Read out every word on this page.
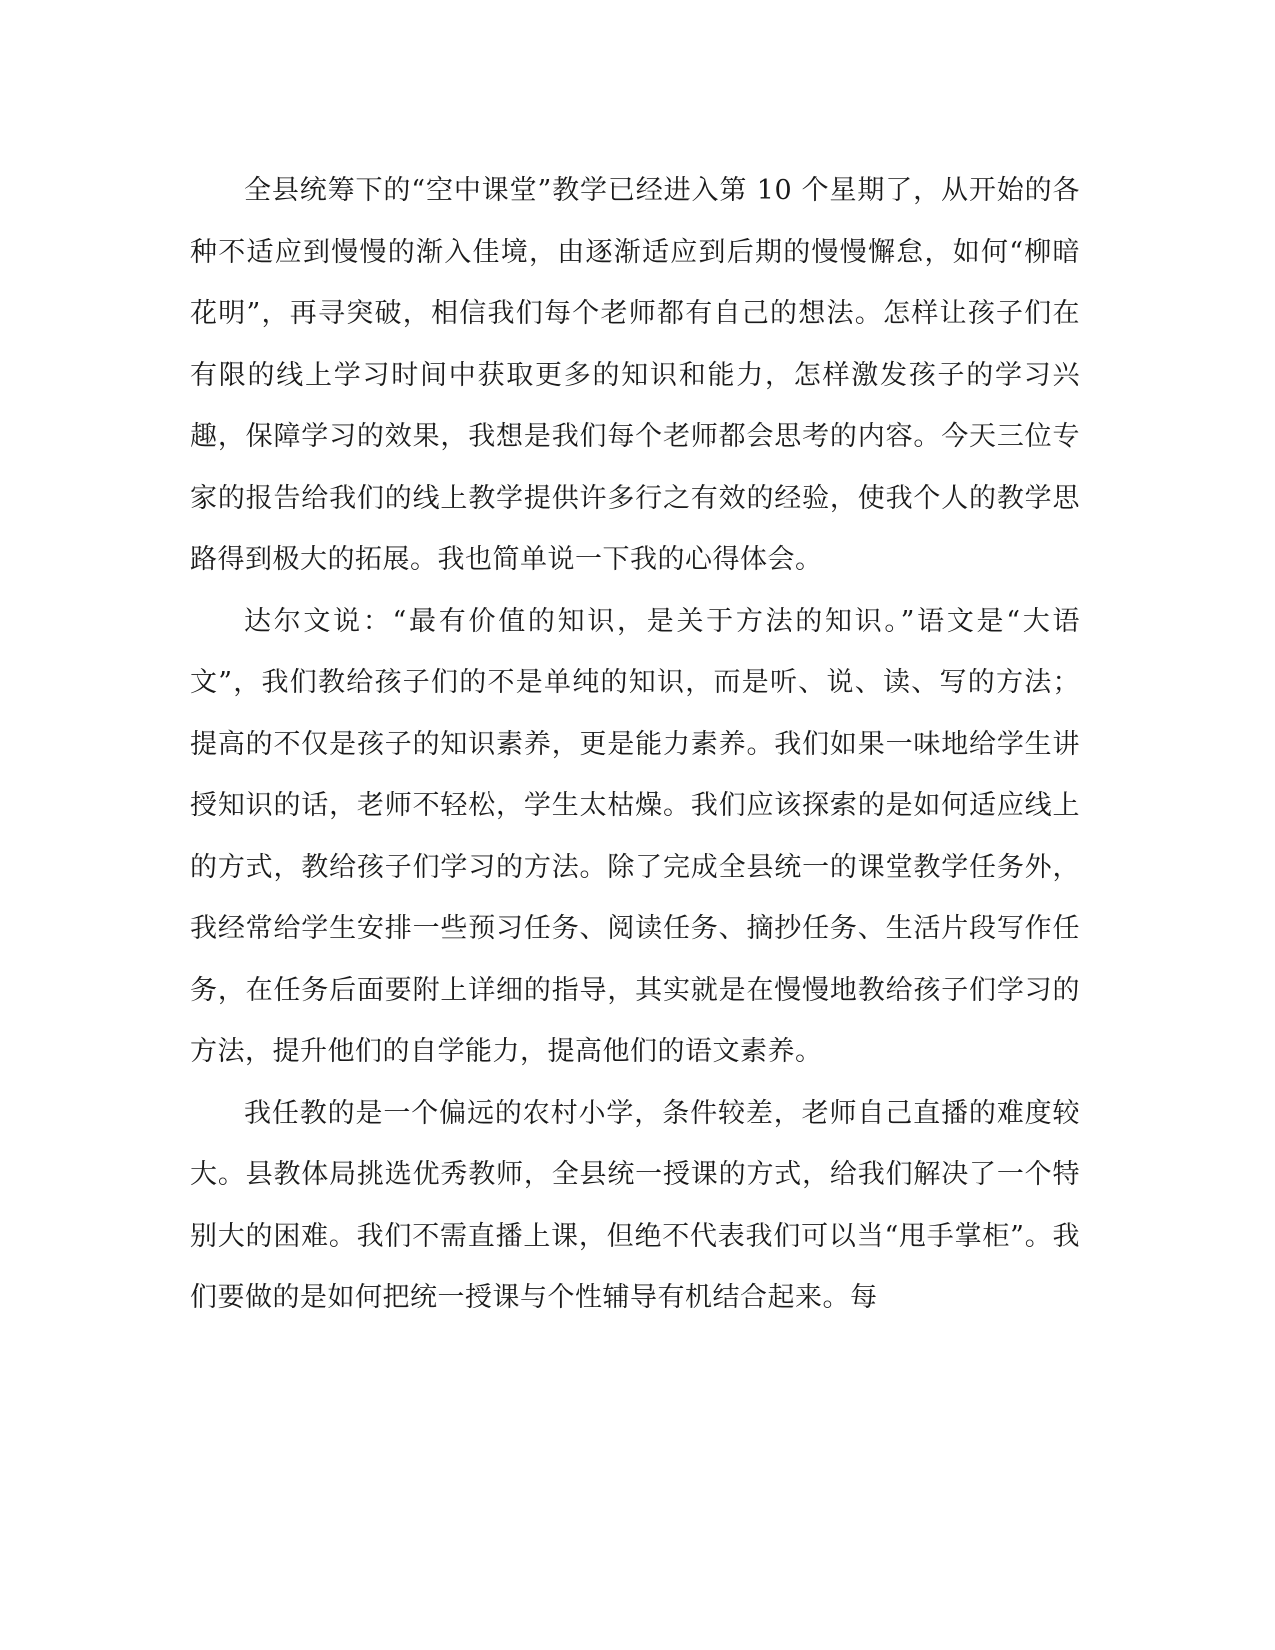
全县统筹下的“空中课堂”教学已经进入第 10 个星期了，从开始的各种不适应到慢慢的渐入佳境，由逐渐适应到后期的慢慢懈怠，如何“柳暗花明”，再寻突破，相信我们每个老师都有自己的想法。怎样让孩子们在有限的线上学习时间中获取更多的知识和能力，怎样激发孩子的学习兴趣，保障学习的效果，我想是我们每个老师都会思考的内容。今天三位专家的报告给我们的线上教学提供许多行之有效的经验，使我个人的教学思路得到极大的拓展。我也简单说一下我的心得体会。

达尔文说：“最有价值的知识，是关于方法的知识。”语文是“大语文”，我们教给孩子们的不是单纯的知识，而是听、说、读、写的方法；提高的不仅是孩子的知识素养，更是能力素养。我们如果一味地给学生讲授知识的话，老师不轻松，学生太枯燥。我们应该探索的是如何适应线上的方式，教给孩子们学习的方法。除了完成全县统一的课堂教学任务外，我经常给学生安排一些预习任务、阅读任务、摘抄任务、生活片段写作任务，在任务后面要附上详细的指导，其实就是在慢慢地教给孩子们学习的方法，提升他们的自学能力，提高他们的语文素养。

我任教的是一个偏远的农村小学，条件较差，老师自己直播的难度较大。县教体局挑选优秀教师，全县统一授课的方式，给我们解决了一个特别大的困难。我们不需直播上课，但绝不代表我们可以当“甩手掌柜”。我们要做的是如何把统一授课与个性辅导有机结合起来。每
